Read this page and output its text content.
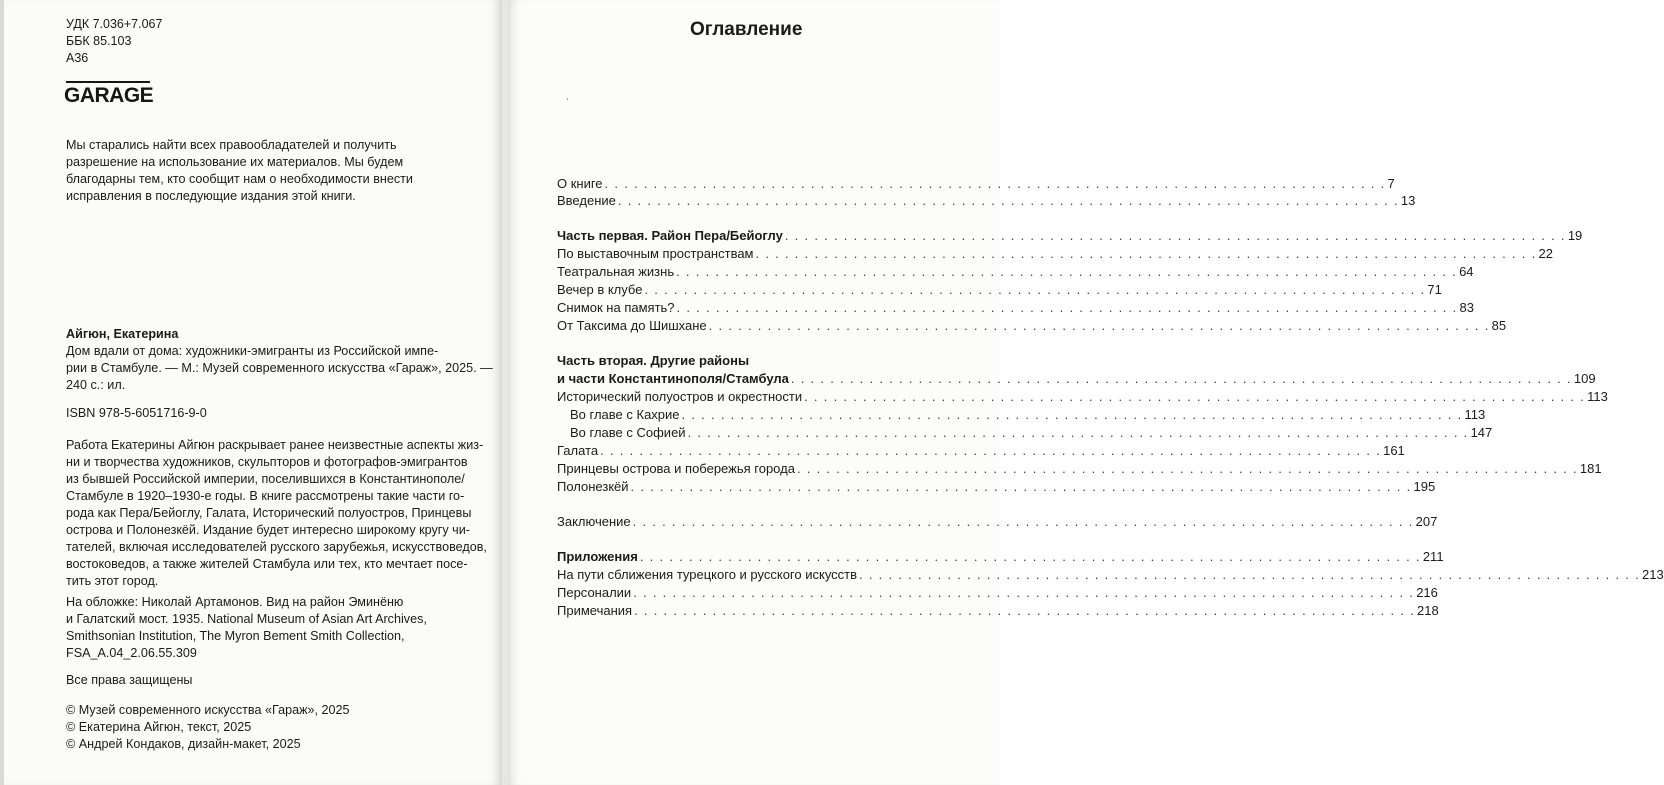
УДК 7.036+7.067
ББК 85.103
А36
GARAGE
Мы старались найти всех правообладателей и получить
разрешение на использование их материалов. Мы будем
благодарны тем, кто сообщит нам о необходимости внести
исправления в последующие издания этой книги.
Айгюн, Екатерина
Дом вдали от дома: художники-эмигранты из Российской импе-
рии в Стамбуле. — М.: Музей современного искусства «Гараж», 2025. —
240 с.: ил.
ISBN 978-5-6051716-9-0
Работа Екатерины Айгюн раскрывает ранее неизвестные аспекты жиз-
ни и творчества художников, скульпторов и фотографов-эмигрантов
из бывшей Российской империи, поселившихся в Константинополе/
Стамбуле в 1920–1930-е годы. В книге рассмотрены такие части го-
рода как Пера/Бейоглу, Галата, Исторический полуостров, Принцевы
острова и Полонезкёй. Издание будет интересно широкому кругу чи-
тателей, включая исследователей русского зарубежья, искусствоведов,
востоковедов, а также жителей Стамбула или тех, кто мечтает посе-
тить этот город.
На обложке: Николай Артамонов. Вид на район Эминёню
и Галатский мост. 1935. National Museum of Asian Art Archives,
Smithsonian Institution, The Myron Bement Smith Collection,
FSA_A.04_2.06.55.309
Все права защищены
© Музей современного искусства «Гараж», 2025
© Екатерина Айгюн, текст, 2025
© Андрей Кондаков, дизайн-макет, 2025
Оглавление
ˈ
О книге . . . . . . . . . . . . . . . . . . . . . . . . . . . . . . . . . . . . . . . . . . . . . . . . . . . . . . . . . . . . . . . . . . . . . . . . . . . . . . . . 7
Введение . . . . . . . . . . . . . . . . . . . . . . . . . . . . . . . . . . . . . . . . . . . . . . . . . . . . . . . . . . . . . . . . . . . . . . . . . . . . . . . . 13
Часть первая. Район Пера/Бейоглу . . . . . . . . . . . . . . . . . . . . . . . . . . . . . . . . . . . . . . . . . . . . . . . . . . . . . . . . . . . . . . . . . . . . . . . . . . . . . . . . 19
По выставочным пространствам . . . . . . . . . . . . . . . . . . . . . . . . . . . . . . . . . . . . . . . . . . . . . . . . . . . . . . . . . . . . . . . . . . . . . . . . . . . . . . . . 22
Театральная жизнь . . . . . . . . . . . . . . . . . . . . . . . . . . . . . . . . . . . . . . . . . . . . . . . . . . . . . . . . . . . . . . . . . . . . . . . . . . . . . . . . 64
Вечер в клубе . . . . . . . . . . . . . . . . . . . . . . . . . . . . . . . . . . . . . . . . . . . . . . . . . . . . . . . . . . . . . . . . . . . . . . . . . . . . . . . . 71
Снимок на память? . . . . . . . . . . . . . . . . . . . . . . . . . . . . . . . . . . . . . . . . . . . . . . . . . . . . . . . . . . . . . . . . . . . . . . . . . . . . . . . . 83
От Таксима до Шишхане . . . . . . . . . . . . . . . . . . . . . . . . . . . . . . . . . . . . . . . . . . . . . . . . . . . . . . . . . . . . . . . . . . . . . . . . . . . . . . . . 85
Часть вторая. Другие районы
и части Константинополя/Стамбула . . . . . . . . . . . . . . . . . . . . . . . . . . . . . . . . . . . . . . . . . . . . . . . . . . . . . . . . . . . . . . . . . . . . . . . . . . . . . . . . 109
Исторический полуостров и окрестности . . . . . . . . . . . . . . . . . . . . . . . . . . . . . . . . . . . . . . . . . . . . . . . . . . . . . . . . . . . . . . . . . . . . . . . . . . . . . . . . 113
Во главе с Кахрие . . . . . . . . . . . . . . . . . . . . . . . . . . . . . . . . . . . . . . . . . . . . . . . . . . . . . . . . . . . . . . . . . . . . . . . . . . . . . . . . 113
Во главе с Софией . . . . . . . . . . . . . . . . . . . . . . . . . . . . . . . . . . . . . . . . . . . . . . . . . . . . . . . . . . . . . . . . . . . . . . . . . . . . . . . . 147
Галата . . . . . . . . . . . . . . . . . . . . . . . . . . . . . . . . . . . . . . . . . . . . . . . . . . . . . . . . . . . . . . . . . . . . . . . . . . . . . . . . 161
Принцевы острова и побережья города . . . . . . . . . . . . . . . . . . . . . . . . . . . . . . . . . . . . . . . . . . . . . . . . . . . . . . . . . . . . . . . . . . . . . . . . . . . . . . . . 181
Полонезкёй . . . . . . . . . . . . . . . . . . . . . . . . . . . . . . . . . . . . . . . . . . . . . . . . . . . . . . . . . . . . . . . . . . . . . . . . . . . . . . . . 195
Заключение . . . . . . . . . . . . . . . . . . . . . . . . . . . . . . . . . . . . . . . . . . . . . . . . . . . . . . . . . . . . . . . . . . . . . . . . . . . . . . . . 207
Приложения . . . . . . . . . . . . . . . . . . . . . . . . . . . . . . . . . . . . . . . . . . . . . . . . . . . . . . . . . . . . . . . . . . . . . . . . . . . . . . . . 211
На пути сближения турецкого и русского искусств . . . . . . . . . . . . . . . . . . . . . . . . . . . . . . . . . . . . . . . . . . . . . . . . . . . . . . . . . . . . . . . . . . . . . . . . . . . . . . . . 213
Персоналии . . . . . . . . . . . . . . . . . . . . . . . . . . . . . . . . . . . . . . . . . . . . . . . . . . . . . . . . . . . . . . . . . . . . . . . . . . . . . . . . 216
Примечания . . . . . . . . . . . . . . . . . . . . . . . . . . . . . . . . . . . . . . . . . . . . . . . . . . . . . . . . . . . . . . . . . . . . . . . . . . . . . . . . 218
